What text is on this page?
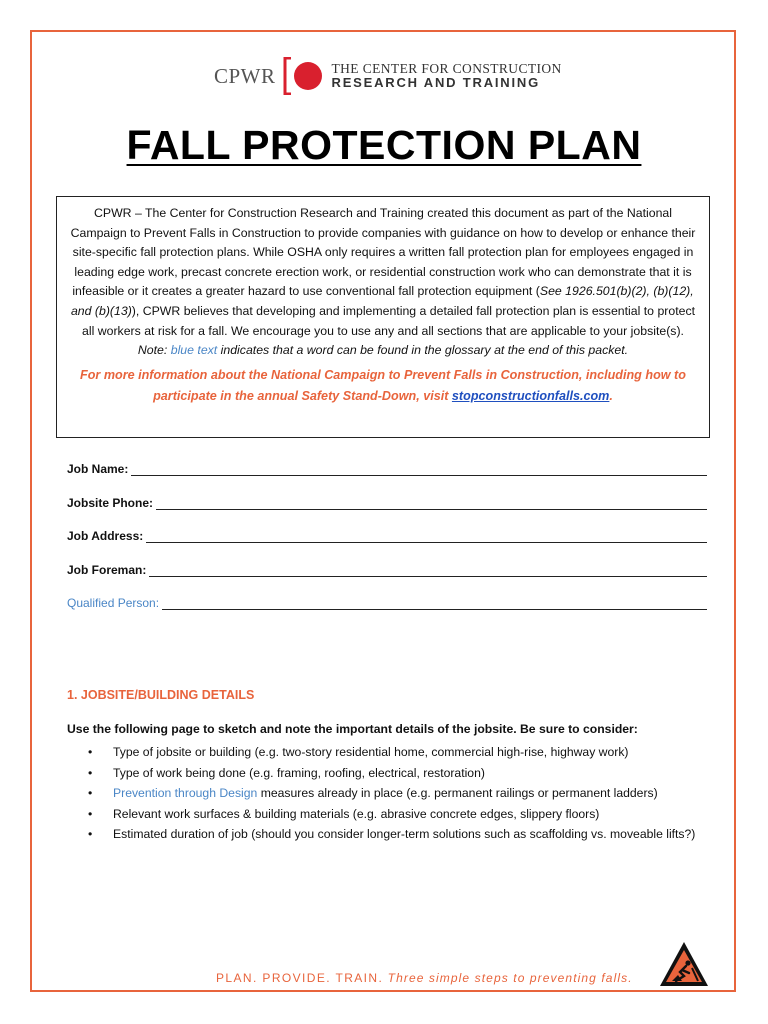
CPWR	THE CENTER FOR CONSTRUCTION
RESEARCH AND TRAINING
FALL PROTECTION PLAN

CPWR – The Center for Construction Research and Training created this document as part of the National Campaign to Prevent Falls in Construction to provide companies with guidance on how to develop or enhance their site-specific fall protection plans. While OSHA only requires a written fall protection plan for employees engaged in leading edge work, precast concrete erection work, or residential construction work who can demonstrate that it is infeasible or it creates a greater hazard to use conventional fall protection equipment (See 1926.501(b)(2), (b)(12), and (b)(13)), CPWR believes that developing and implementing a detailed fall protection plan is essential to protect all workers at risk for a fall. We encourage you to use any and all sections that are applicable to your jobsite(s).

Note: blue text indicates that a word can be found in the glossary at the end of this packet.

For more information about the National Campaign to Prevent Falls in Construction, including how to participate in the annual Safety Stand-Down, visit stopconstructionfalls.com.

Job Name:
Jobsite Phone:
Job Address:
Job Foreman:
Qualified Person:
1. JOBSITE/BUILDING DETAILS
Use the following page to sketch and note the important details of the jobsite. Be sure to consider:
• Type of jobsite or building (e.g. two-story residential home, commercial high-rise, highway work)
• Type of work being done (e.g. framing, roofing, electrical, restoration)
• Prevention through Design measures already in place (e.g. permanent railings or permanent ladders)
• Relevant work surfaces & building materials (e.g. abrasive concrete edges, slippery floors)
• Estimated duration of job (should you consider longer-term solutions such as scaffolding vs. moveable lifts?)
PLAN. PROVIDE. TRAIN. Three simple steps to preventing falls.
